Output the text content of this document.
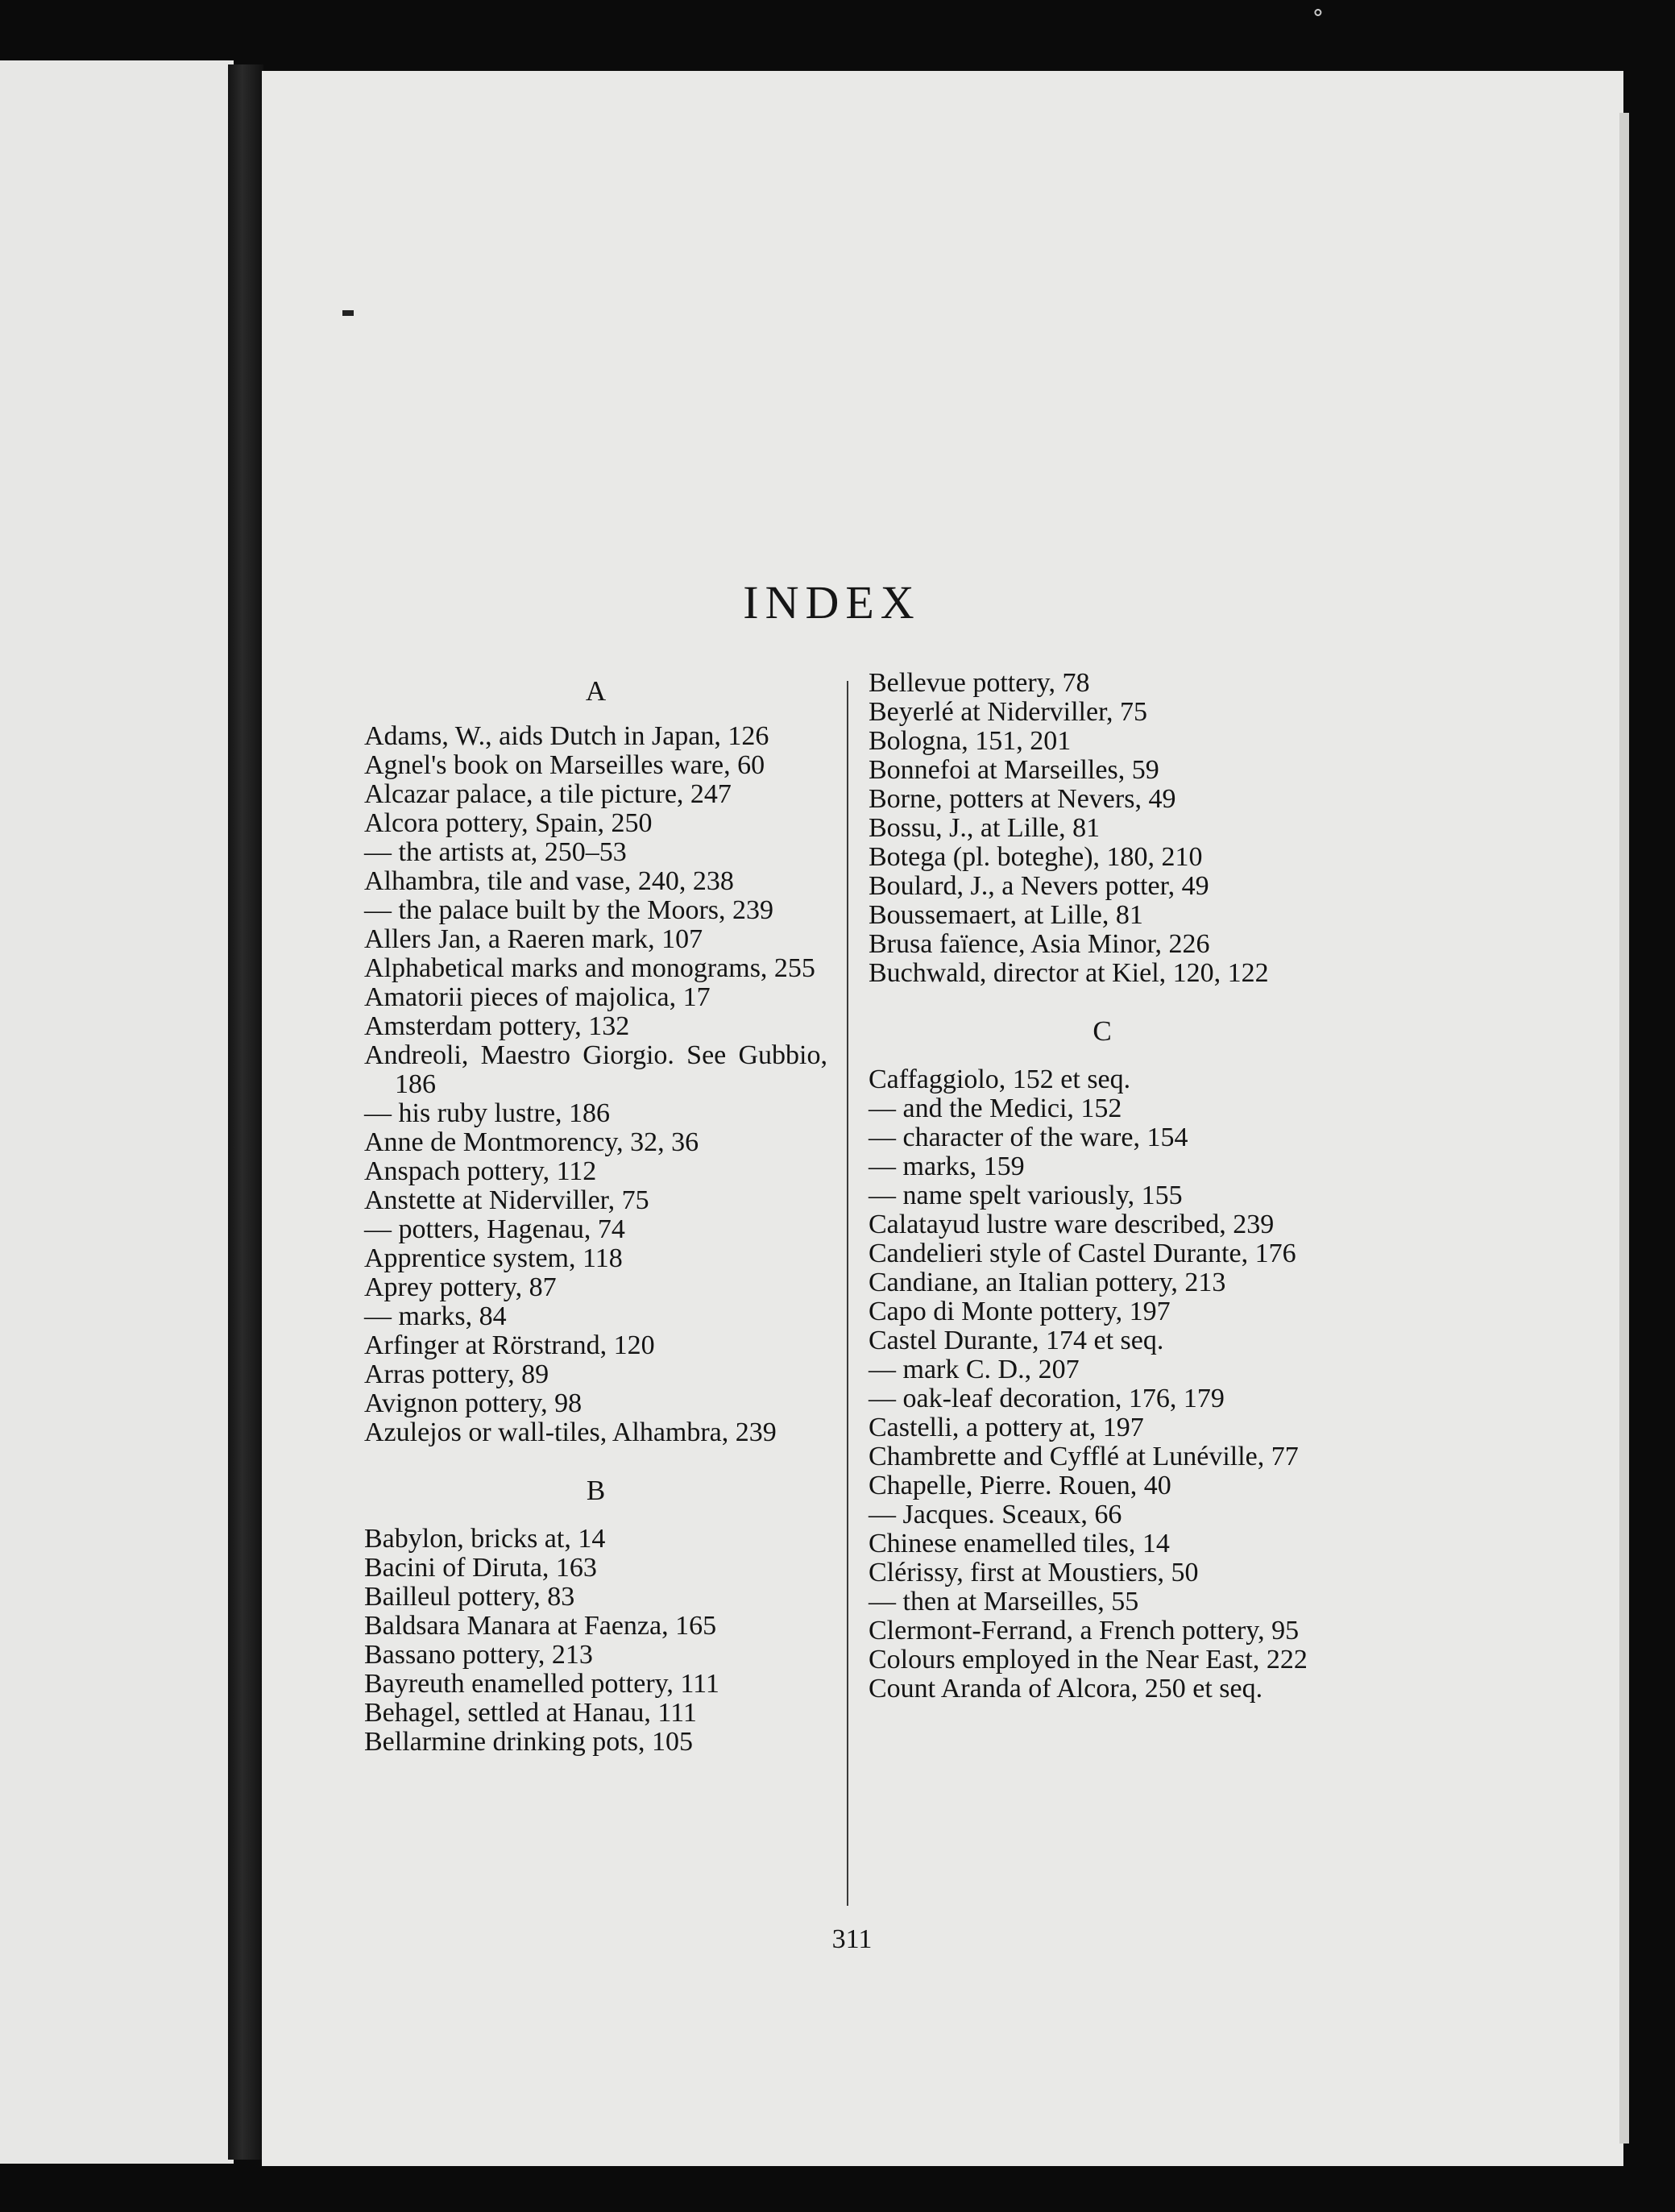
⚬
INDEX

A

Adams, W., aids Dutch in Japan, 126

Agnel's book on Marseilles ware, 60

Alcazar palace, a tile picture, 247

Alcora pottery, Spain, 250

— the artists at, 250–53

Alhambra, tile and vase, 240, 238

— the palace built by the Moors, 239

Allers Jan, a Raeren mark, 107

Alphabetical marks and monograms, 255

Amatorii pieces of majolica, 17

Amsterdam pottery, 132

Andreoli, Maestro Giorgio. See Gubbio, 186

— his ruby lustre, 186

Anne de Montmorency, 32, 36

Anspach pottery, 112

Anstette at Niderviller, 75

— potters, Hagenau, 74

Apprentice system, 118

Aprey pottery, 87

— marks, 84

Arfinger at Rörstrand, 120

Arras pottery, 89

Avignon pottery, 98

Azulejos or wall-tiles, Alhambra, 239

B

Babylon, bricks at, 14

Bacini of Diruta, 163

Bailleul pottery, 83

Baldsara Manara at Faenza, 165

Bassano pottery, 213

Bayreuth enamelled pottery, 111

Behagel, settled at Hanau, 111

Bellarmine drinking pots, 105

Bellevue pottery, 78

Beyerlé at Niderviller, 75

Bologna, 151, 201

Bonnefoi at Marseilles, 59

Borne, potters at Nevers, 49

Bossu, J., at Lille, 81

Botega (pl. boteghe), 180, 210

Boulard, J., a Nevers potter, 49

Boussemaert, at Lille, 81

Brusa faïence, Asia Minor, 226

Buchwald, director at Kiel, 120, 122

C

Caffaggiolo, 152 et seq.

— and the Medici, 152

— character of the ware, 154

— marks, 159

— name spelt variously, 155

Calatayud lustre ware described, 239

Candelieri style of Castel Durante, 176

Candiane, an Italian pottery, 213

Capo di Monte pottery, 197

Castel Durante, 174 et seq.

— mark C. D., 207

— oak-leaf decoration, 176, 179

Castelli, a pottery at, 197

Chambrette and Cyfflé at Lunéville, 77

Chapelle, Pierre. Rouen, 40

— Jacques. Sceaux, 66

Chinese enamelled tiles, 14

Clérissy, first at Moustiers, 50

— then at Marseilles, 55

Clermont-Ferrand, a French pottery, 95

Colours employed in the Near East, 222

Count Aranda of Alcora, 250 et seq.

311
